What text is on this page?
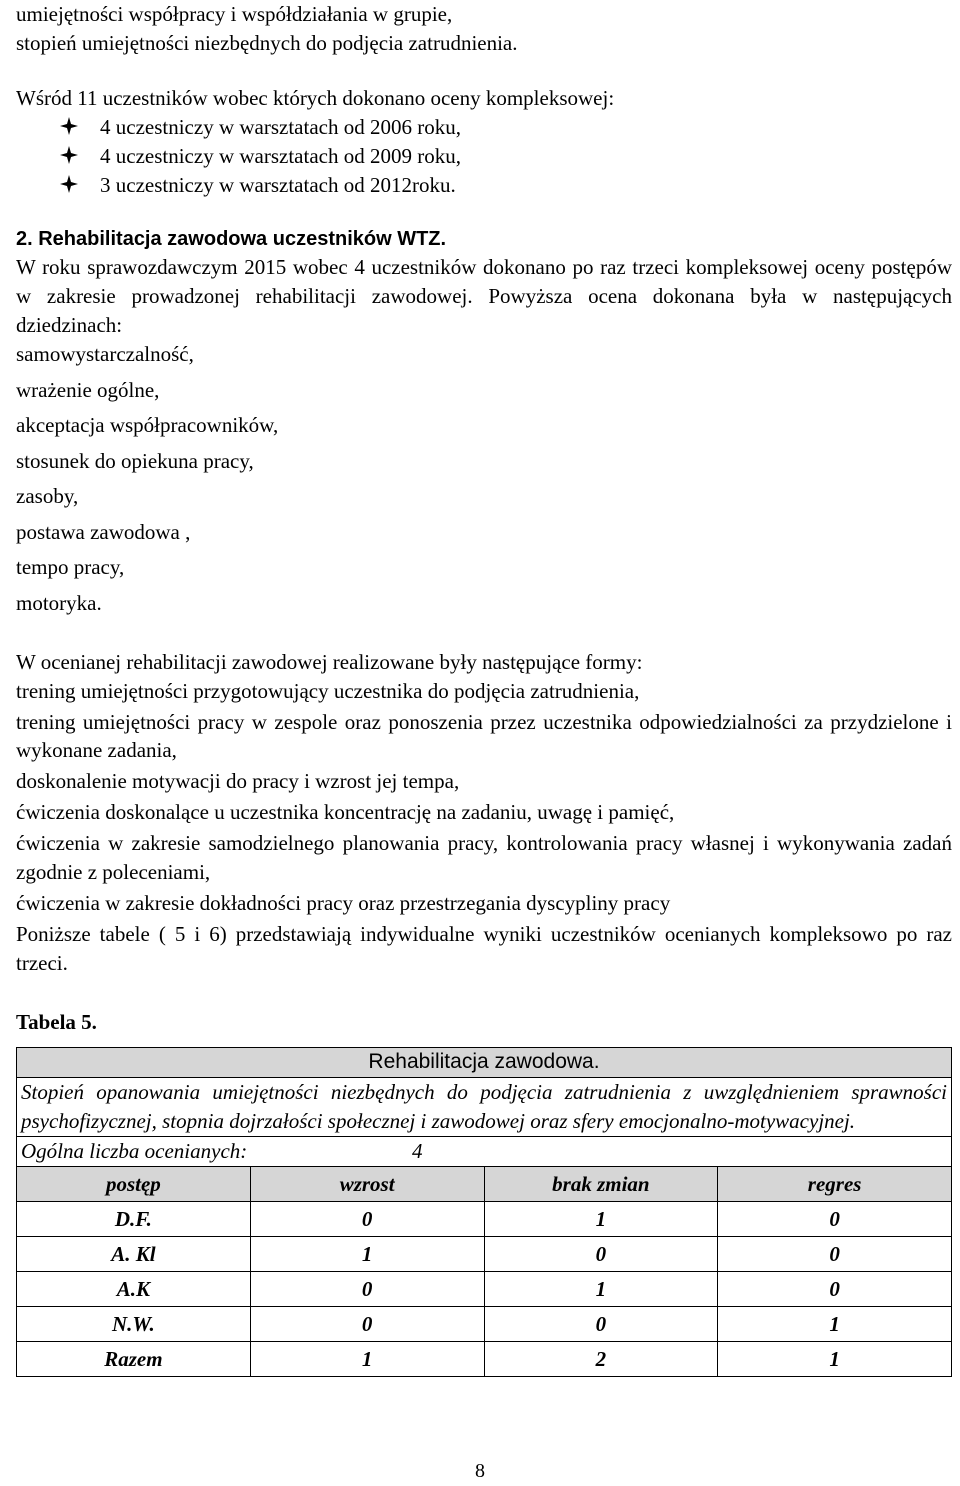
umiejętności współpracy i współdziałania w grupie,
stopień umiejętności niezbędnych do podjęcia zatrudnienia.
Wśród 11 uczestników wobec których dokonano oceny kompleksowej:
4 uczestniczy w warsztatach od 2006 roku,
4 uczestniczy w warsztatach od 2009 roku,
3 uczestniczy w warsztatach od 2012roku.
2. Rehabilitacja zawodowa uczestników WTZ.

W roku sprawozdawczym 2015 wobec 4 uczestników dokonano po raz trzeci kompleksowej oceny postępów w zakresie prowadzonej rehabilitacji zawodowej. Powyższa ocena dokonana była w następujących dziedzinach:

samowystarczalność,
wrażenie ogólne,
akceptacja współpracowników,
stosunek do opiekuna pracy,
zasoby,
postawa zawodowa ,
tempo pracy,
motoryka.
W ocenianej rehabilitacji zawodowej realizowane były następujące formy:
trening umiejętności przygotowujący uczestnika do podjęcia zatrudnienia,
trening umiejętności pracy w zespole oraz ponoszenia przez uczestnika odpowiedzialności za przydzielone i wykonane zadania,
doskonalenie motywacji do pracy i wzrost jej tempa,
ćwiczenia doskonalące u uczestnika koncentrację na zadaniu, uwagę i pamięć,
ćwiczenia w zakresie samodzielnego planowania pracy, kontrolowania pracy własnej i wykonywania zadań zgodnie z poleceniami,
ćwiczenia w zakresie dokładności pracy oraz przestrzegania dyscypliny pracy

Poniższe tabele ( 5 i 6) przedstawiają indywidualne wyniki uczestników ocenianych kompleksowo po raz trzeci.

Tabela 5.
Rehabilitacja zawodowa.			
Stopień opanowania umiejętności niezbędnych do podjęcia zatrudnienia z uwzględnieniem sprawności psychofizycznej, stopnia dojrzałości społecznej i zawodowej oraz sfery emocjonalno-motywacyjnej.			
Ogólna liczba ocenianych: 4			
postęp	wzrost	brak zmian	regres
D.F.	0	1	0
A. Kl	1	0	0
A.K	0	1	0
N.W.	0	0	1
Razem	1	2	1
8
